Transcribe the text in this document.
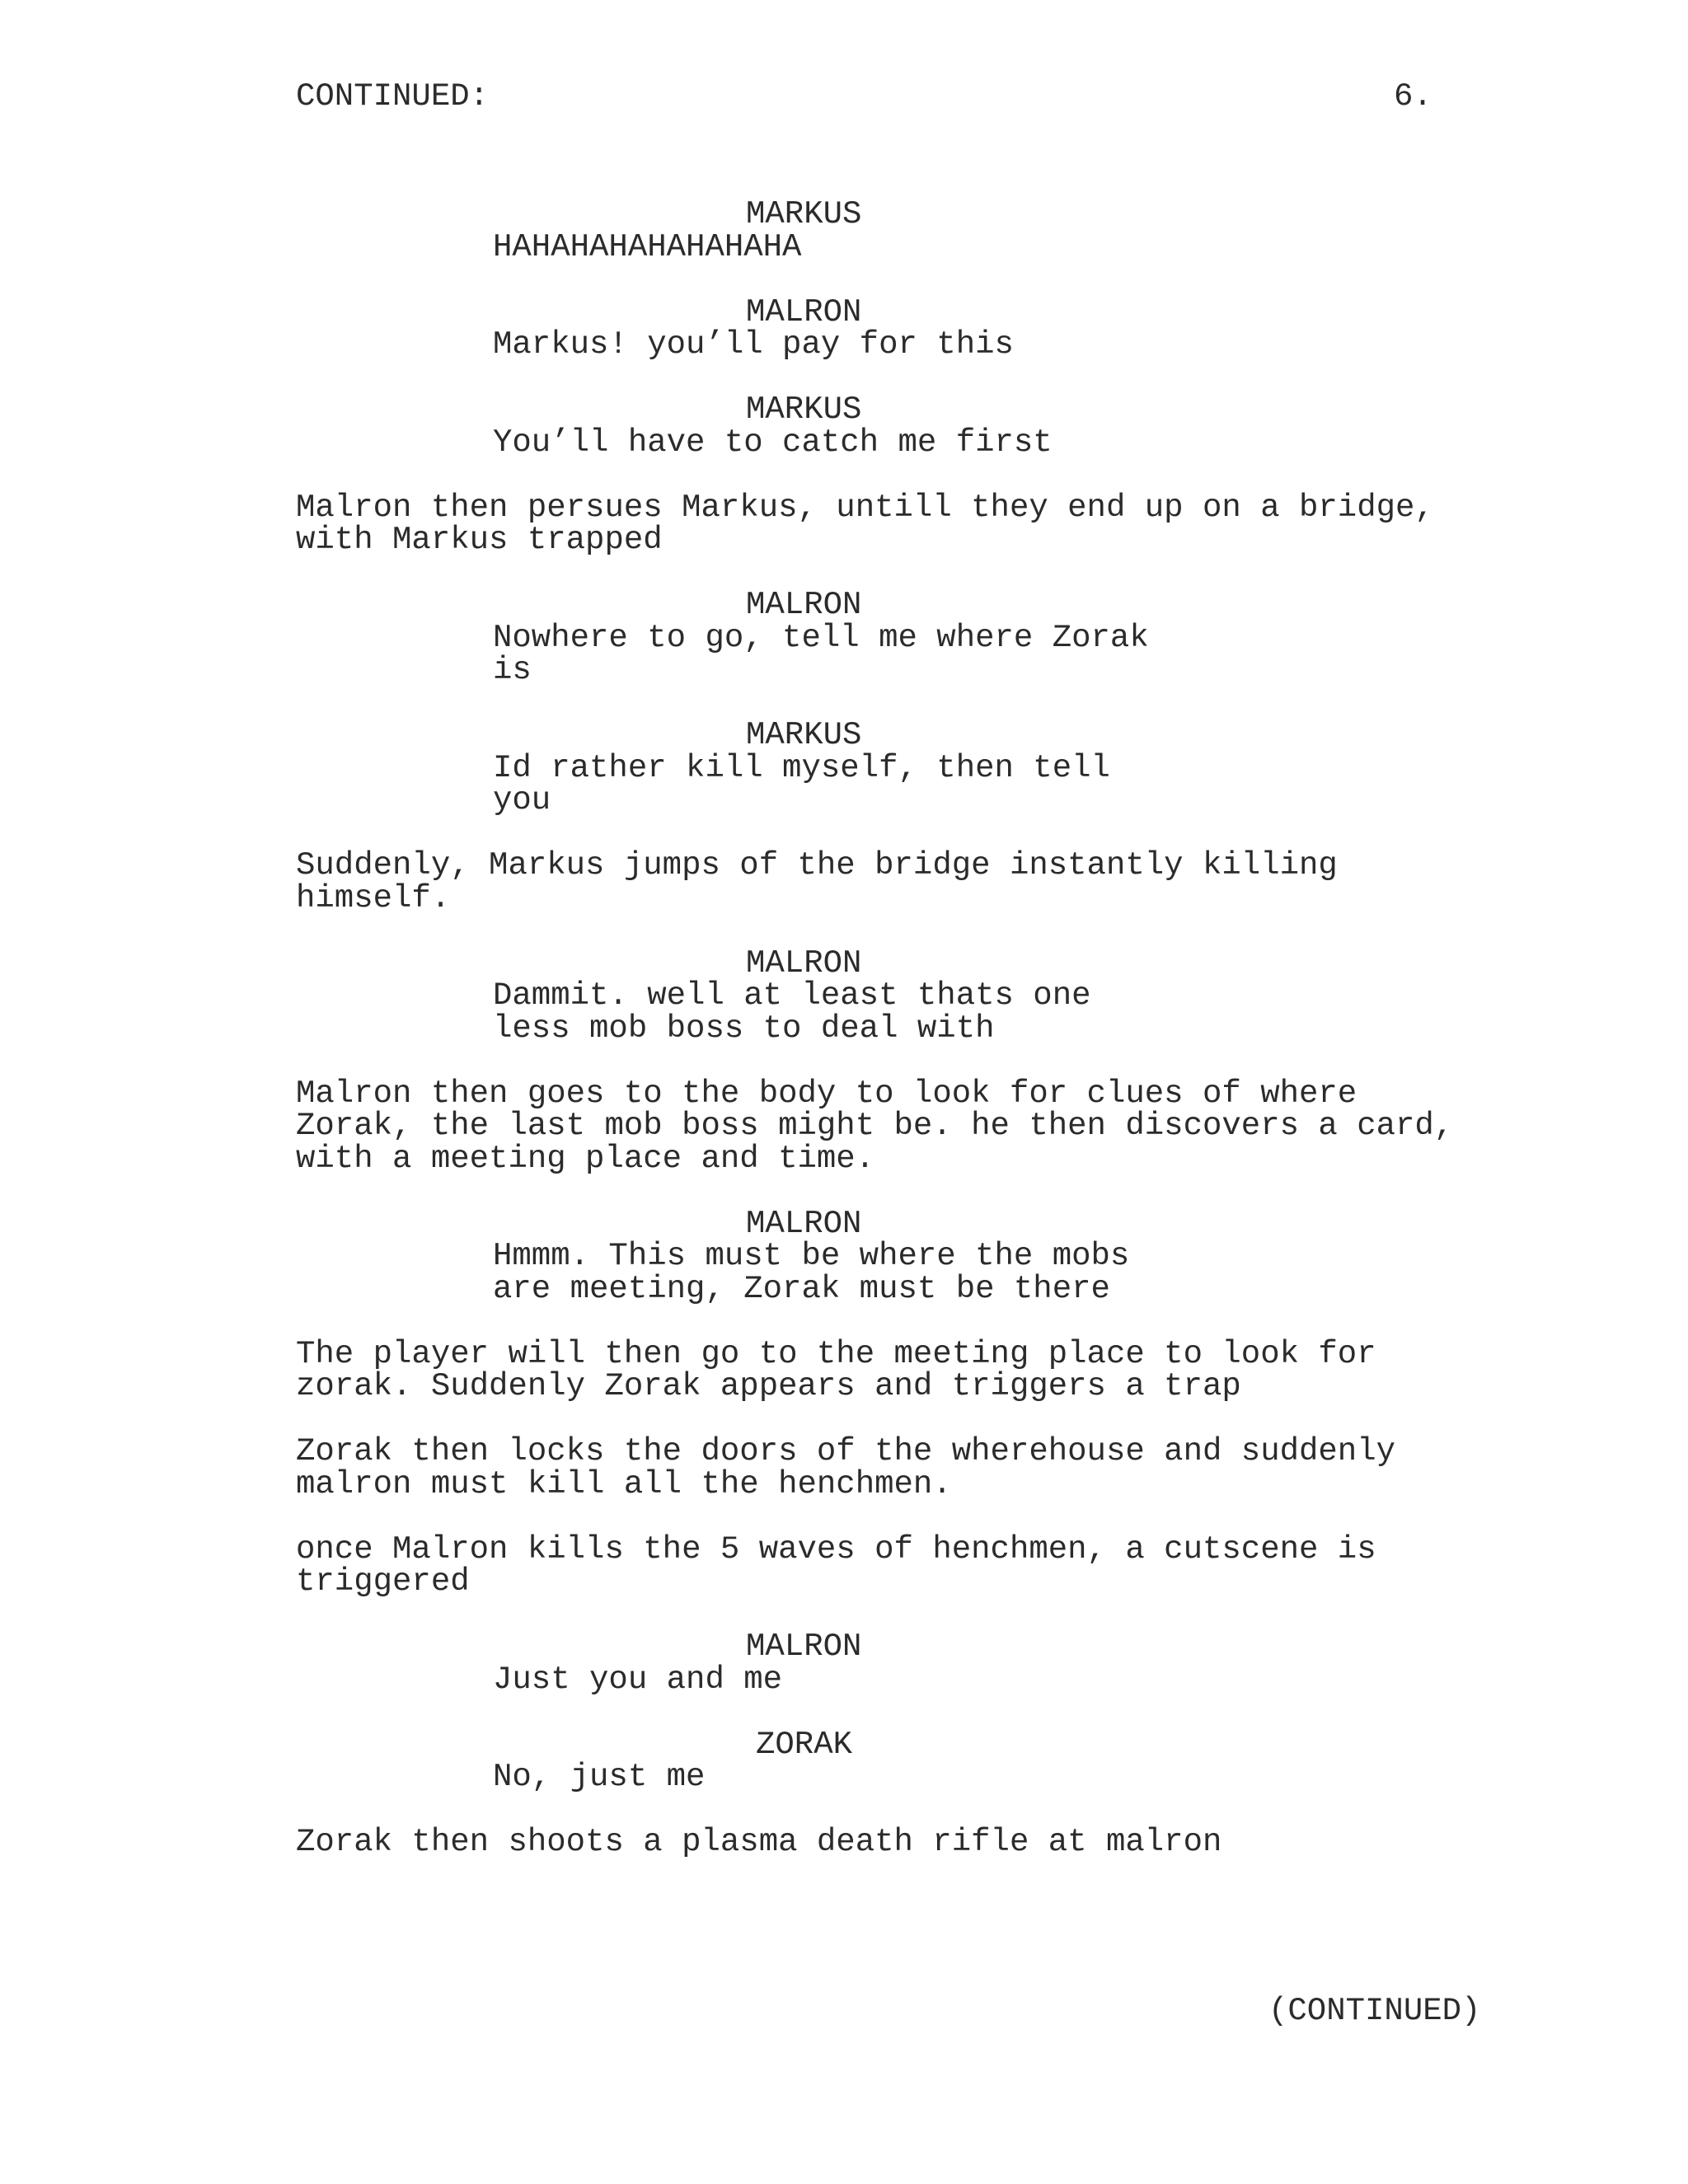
CONTINUED:	6.
MARKUS
HAHAHAHAHAHAHAHA
MALRON
Markus! you’ll pay for this
MARKUS
You’ll have to catch me first
Malron then persues Markus, untill they end up on a bridge,
with Markus trapped
MALRON
Nowhere to go, tell me where Zorak
is
MARKUS
Id rather kill myself, then tell
you
Suddenly, Markus jumps of the bridge instantly killing
himself.
MALRON
Dammit. well at least thats one
less mob boss to deal with
Malron then goes to the body to look for clues of where
Zorak, the last mob boss might be. he then discovers a card,
with a meeting place and time.
MALRON
Hmmm. This must be where the mobs
are meeting, Zorak must be there
The player will then go to the meeting place to look for
zorak. Suddenly Zorak appears and triggers a trap
Zorak then locks the doors of the wherehouse and suddenly
malron must kill all the henchmen.
once Malron kills the 5 waves of henchmen, a cutscene is
triggered
MALRON
Just you and me
ZORAK
No, just me
Zorak then shoots a plasma death rifle at malron
(CONTINUED)
